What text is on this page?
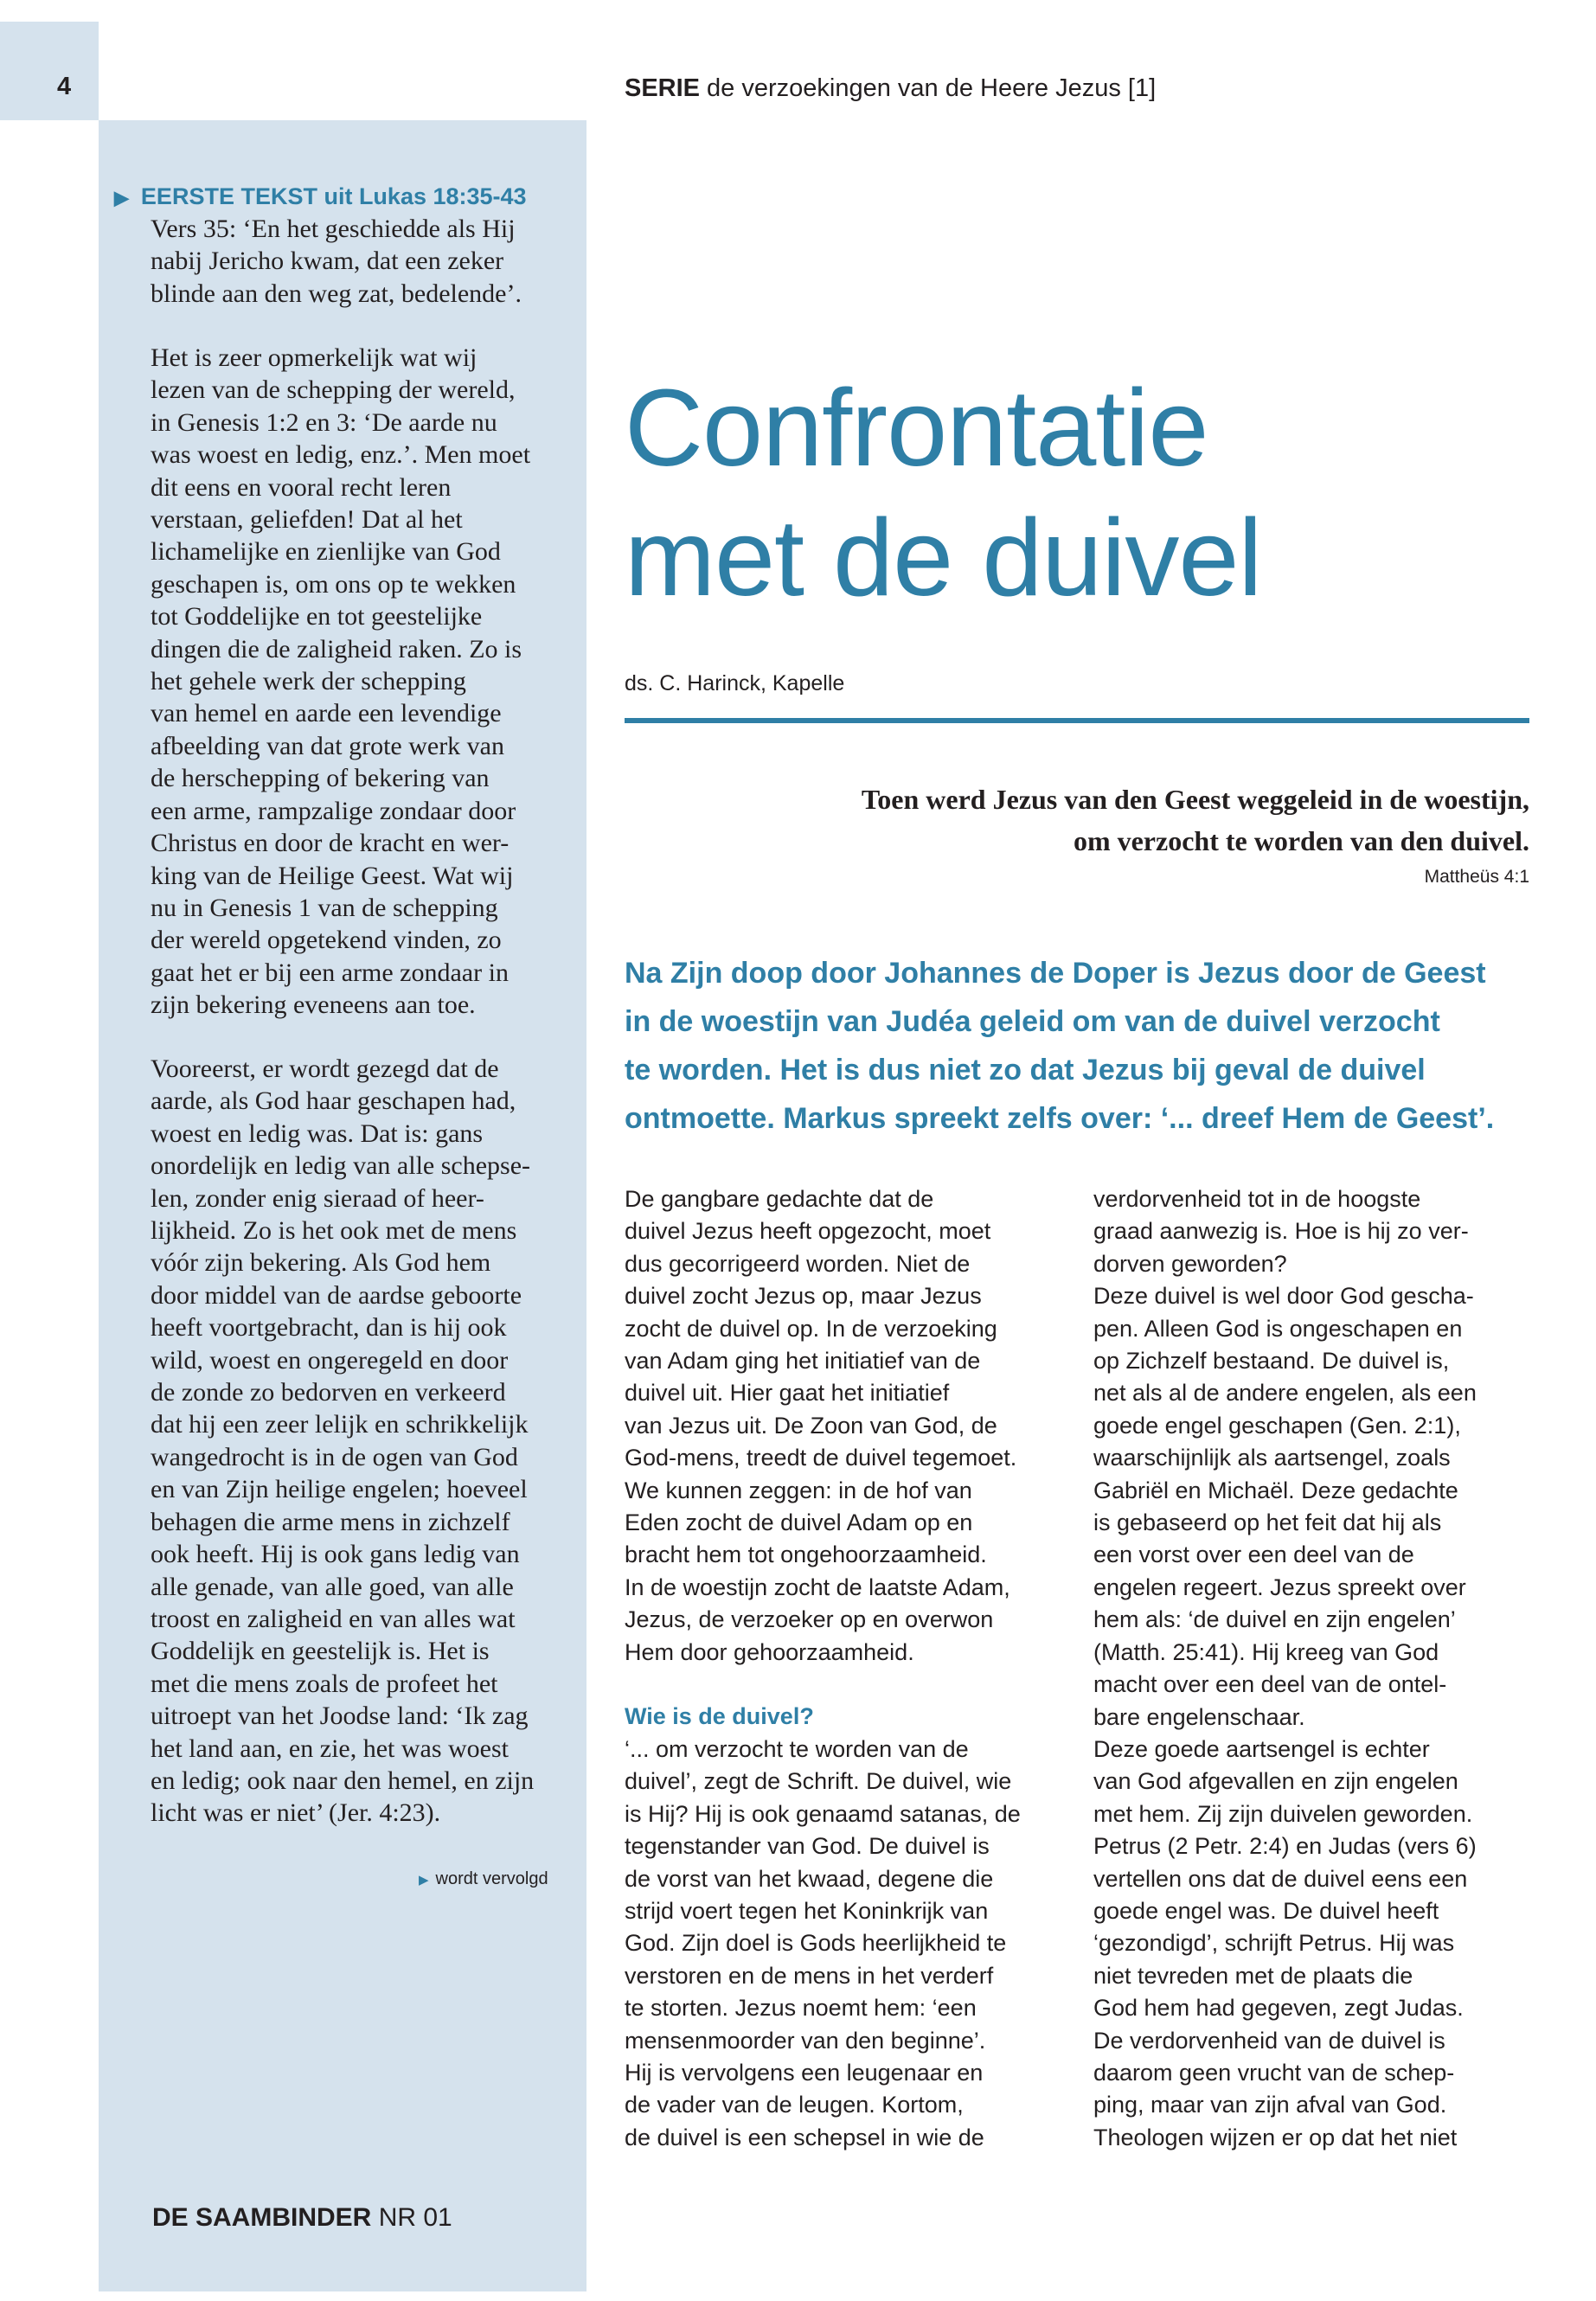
4	SERIE de verzoekingen van de Heere Jezus [1]
▶ EERSTE TEKST uit Lukas 18:35-43

Vers 35: ‘En het geschiedde als Hij

nabij Jericho kwam, dat een zeker

blinde aan den weg zat, bedelende’.

Het is zeer opmerkelijk wat wij

lezen van de schepping der wereld,

in Genesis 1:2 en 3: ‘De aarde nu

was woest en ledig, enz.’. Men moet

dit eens en vooral recht leren

verstaan, geliefden! Dat al het

lichamelijke en zienlijke van God

geschapen is, om ons op te wekken

tot Goddelijke en tot geestelijke

dingen die de zaligheid raken. Zo is

het gehele werk der schepping

van hemel en aarde een levendige

afbeelding van dat grote werk van

de herschepping of bekering van

een arme, rampzalige zondaar door

Christus en door de kracht en wer-

king van de Heilige Geest. Wat wij

nu in Genesis 1 van de schepping

der wereld opgetekend vinden, zo

gaat het er bij een arme zondaar in

zijn bekering eveneens aan toe.

Vooreerst, er wordt gezegd dat de

aarde, als God haar geschapen had,

woest en ledig was. Dat is: gans

onordelijk en ledig van alle schepse-

len, zonder enig sieraad of heer-

lijkheid. Zo is het ook met de mens

vóór zijn bekering. Als God hem

door middel van de aardse geboorte

heeft voortgebracht, dan is hij ook

wild, woest en ongeregeld en door

de zonde zo bedorven en verkeerd

dat hij een zeer lelijk en schrikkelijk

wangedrocht is in de ogen van God

en van Zijn heilige engelen; hoeveel

behagen die arme mens in zichzelf

ook heeft. Hij is ook gans ledig van

alle genade, van alle goed, van alle

troost en zaligheid en van alles wat

Goddelijk en geestelijk is. Het is

met die mens zoals de profeet het

uitroept van het Joodse land: ‘Ik zag

het land aan, en zie, het was woest

en ledig; ook naar den hemel, en zijn

licht was er niet’ (Jer. 4:23).

▶ wordt vervolgd
DE SAAMBINDER NR 01
Confrontatie
met de duivel
ds. C. Harinck, Kapelle
Toen werd Jezus van den Geest weggeleid in de woestijn,
om verzocht te worden van den duivel.
Mattheüs 4:1
Na Zijn doop door Johannes de Doper is Jezus door de Geest
in de woestijn van Judéa geleid om van de duivel verzocht
te worden. Het is dus niet zo dat Jezus bij geval de duivel
ontmoette. Markus spreekt zelfs over: ‘... dreef Hem de Geest’.

De gangbare gedachte dat de

duivel Jezus heeft opgezocht, moet

dus gecorrigeerd worden. Niet de

duivel zocht Jezus op, maar Jezus

zocht de duivel op. In de verzoeking

van Adam ging het initiatief van de

duivel uit. Hier gaat het initiatief

van Jezus uit. De Zoon van God, de

God-mens, treedt de duivel tegemoet.

We kunnen zeggen: in de hof van

Eden zocht de duivel Adam op en

bracht hem tot ongehoorzaamheid.

In de woestijn zocht de laatste Adam,

Jezus, de verzoeker op en overwon

Hem door gehoorzaamheid.

Wie is de duivel?

‘... om verzocht te worden van de

duivel’, zegt de Schrift. De duivel, wie

is Hij? Hij is ook genaamd satanas, de

tegenstander van God. De duivel is

de vorst van het kwaad, degene die

strijd voert tegen het Koninkrijk van

God. Zijn doel is Gods heerlijkheid te

verstoren en de mens in het verderf

te storten. Jezus noemt hem: ‘een

mensenmoorder van den beginne’.

Hij is vervolgens een leugenaar en

de vader van de leugen. Kortom,

de duivel is een schepsel in wie de

verdorvenheid tot in de hoogste

graad aanwezig is. Hoe is hij zo ver-

dorven geworden?

Deze duivel is wel door God gescha-

pen. Alleen God is ongeschapen en

op Zichzelf bestaand. De duivel is,

net als al de andere engelen, als een

goede engel geschapen (Gen. 2:1),

waarschijnlijk als aartsengel, zoals

Gabriël en Michaël. Deze gedachte

is gebaseerd op het feit dat hij als

een vorst over een deel van de

engelen regeert. Jezus spreekt over

hem als: ‘de duivel en zijn engelen’

(Matth. 25:41). Hij kreeg van God

macht over een deel van de ontel-

bare engelenschaar.

Deze goede aartsengel is echter

van God afgevallen en zijn engelen

met hem. Zij zijn duivelen geworden.

Petrus (2 Petr. 2:4) en Judas (vers 6)

vertellen ons dat de duivel eens een

goede engel was. De duivel heeft

‘gezondigd’, schrijft Petrus. Hij was

niet tevreden met de plaats die

God hem had gegeven, zegt Judas.

De verdorvenheid van de duivel is

daarom geen vrucht van de schep-

ping, maar van zijn afval van God.

Theologen wijzen er op dat het niet
